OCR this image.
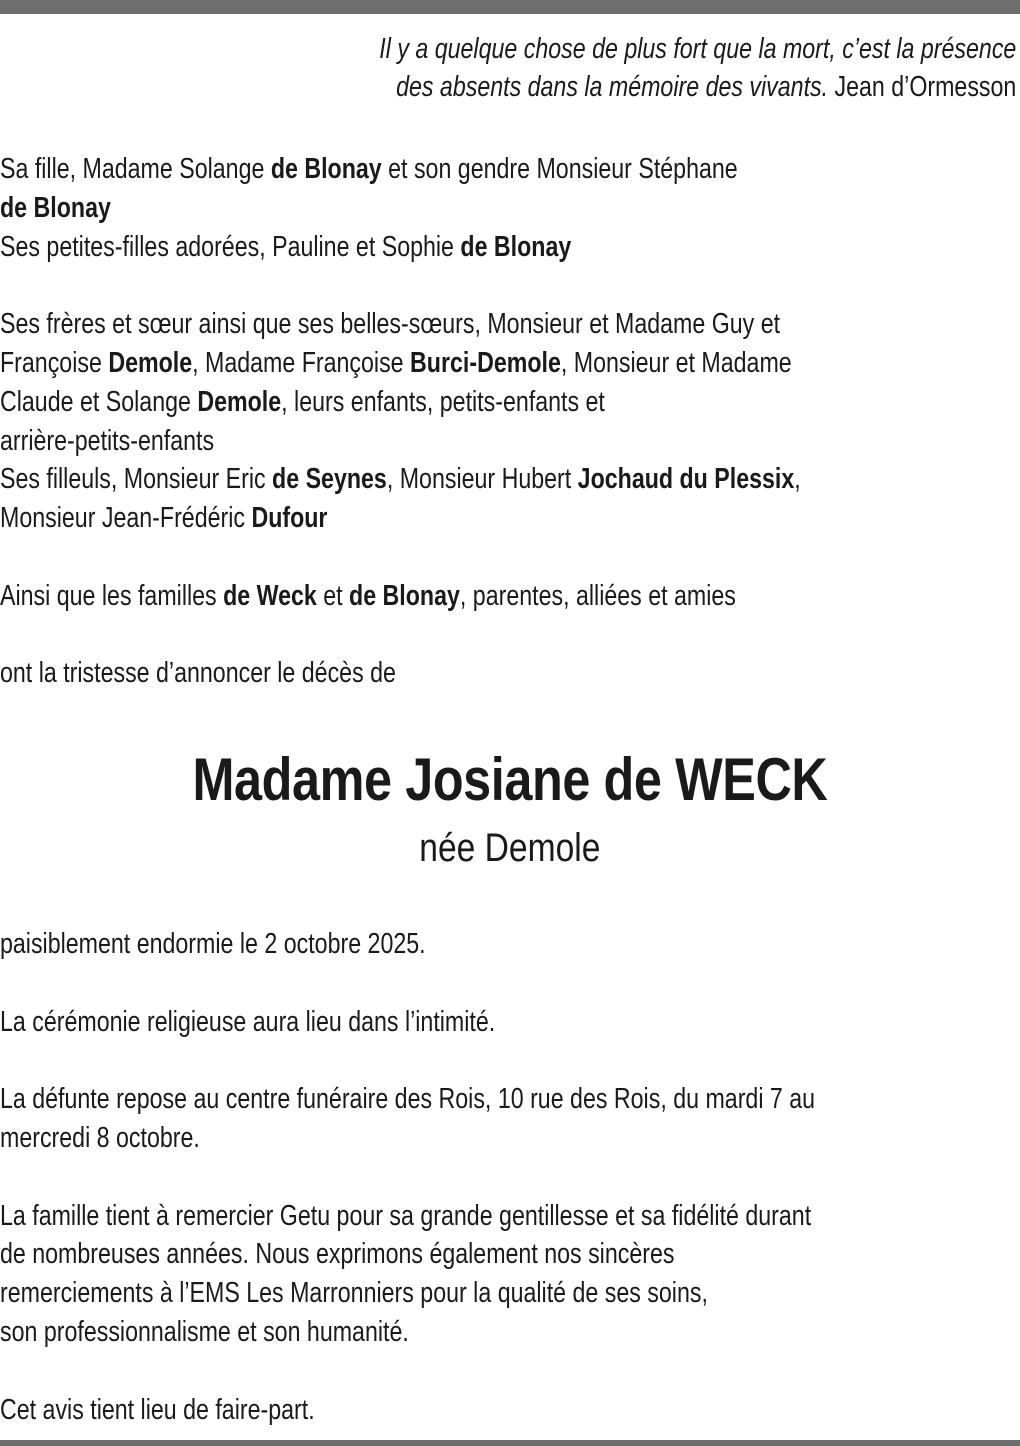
Il y a quelque chose de plus fort que la mort, c’est la présence
des absents dans la mémoire des vivants. Jean d’Ormesson
Sa fille, Madame Solange de Blonay et son gendre Monsieur Stéphane
de Blonay
Ses petites-filles adorées, Pauline et Sophie de Blonay
Ses frères et sœur ainsi que ses belles-sœurs, Monsieur et Madame Guy et
Françoise Demole, Madame Françoise Burci-Demole, Monsieur et Madame
Claude et Solange Demole, leurs enfants, petits-enfants et
arrière-petits-enfants
Ses filleuls, Monsieur Eric de Seynes, Monsieur Hubert Jochaud du Plessix,
Monsieur Jean-Frédéric Dufour
Ainsi que les familles de Weck et de Blonay, parentes, alliées et amies
ont la tristesse d’annoncer le décès de
Madame Josiane de WECK
née Demole
paisiblement endormie le 2 octobre 2025.
La cérémonie religieuse aura lieu dans l’intimité.
La défunte repose au centre funéraire des Rois, 10 rue des Rois, du mardi 7 au
mercredi 8 octobre.
La famille tient à remercier Getu pour sa grande gentillesse et sa fidélité durant
de nombreuses années. Nous exprimons également nos sincères
remerciements à l’EMS Les Marronniers pour la qualité de ses soins,
son professionnalisme et son humanité.
Cet avis tient lieu de faire-part.
